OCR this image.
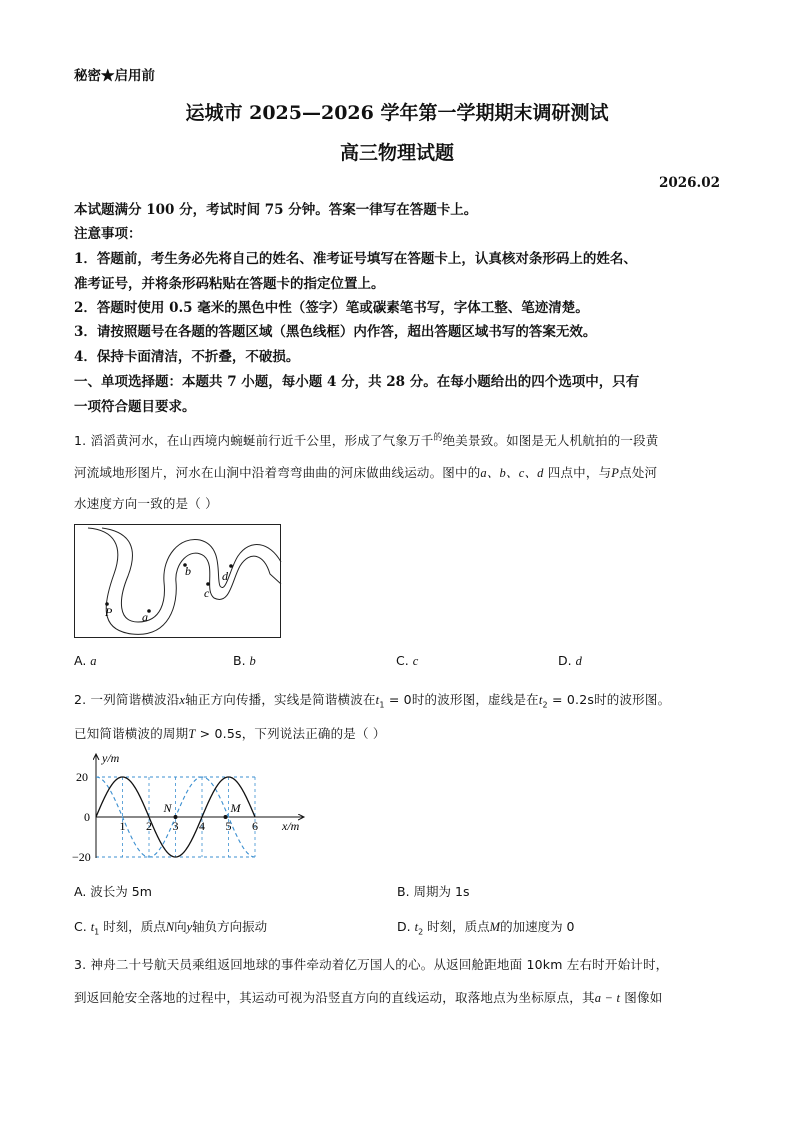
秘密★启用前
运城市 2025—2026 学年第一学期期末调研测试
高三物理试题
2026.02
本试题满分 100 分，考试时间 75 分钟。答案一律写在答题卡上。
注意事项：
1．答题前，考生务必先将自己的姓名、准考证号填写在答题卡上，认真核对条形码上的姓名、
准考证号，并将条形码粘贴在答题卡的指定位置上。
2．答题时使用 0.5 毫米的黑色中性（签字）笔或碳素笔书写，字体工整、笔迹清楚。
3．请按照题号在各题的答题区域（黑色线框）内作答，超出答题区域书写的答案无效。
4．保持卡面清洁，不折叠，不破损。
一、单项选择题：本题共 7 小题，每小题 4 分，共 28 分。在每小题给出的四个选项中，只有
一项符合题目要求。
1. 滔滔黄河水，在山西境内蜿蜒前行近千公里，形成了气象万千$^的$绝美景致。如图是无人机航拍的一段黄
河流域地形图片，河水在山涧中沿着弯弯曲曲的河床做曲线运动。图中的a、b、c、d 四点中，与P点处河
水速度方向一致的是（ ）
P a
b
c
d
A. a	B. b	C. c	D. d
2. 一列简谐横波沿x轴正方向传播，实线是简谐横波在$t_1 = 0$时的波形图，虚线是在$t_2 = 0.2s$时的波形图。
已知简谐横波的周期T > 0.5s，下列说法正确的是（ ）
y/m
x/m
20
0
−20
1 2 3 4 5 6
N	M
A. 波长为 5m	B. 周期为 1s
C. $t_1$ 时刻，质点N向y轴负方向振动	D. $t_2$ 时刻，质点M的加速度为 0
3. 神舟二十号航天员乘组返回地球的事件牵动着亿万国人的心。从返回舱距地面 10km 左右时开始计时，
到返回舱安全落地的过程中，其运动可视为沿竖直方向的直线运动，取落地点为坐标原点，其a − t 图像如
